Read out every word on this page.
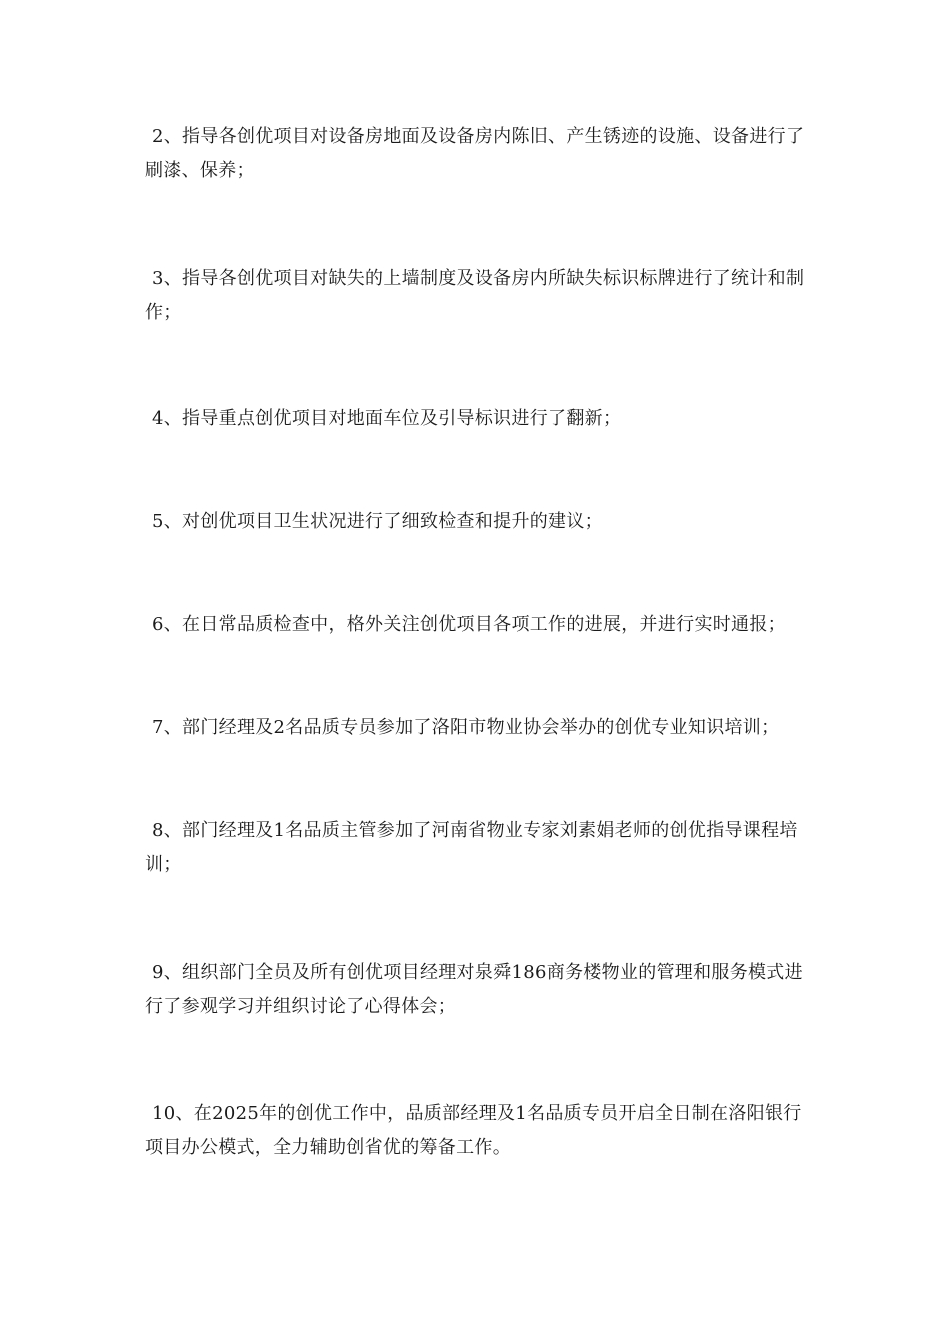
2、指导各创优项目对设备房地面及设备房内陈旧、产生锈迹的设施、设备进行了刷漆、保养；

3、指导各创优项目对缺失的上墙制度及设备房内所缺失标识标牌进行了统计和制作；

4、指导重点创优项目对地面车位及引导标识进行了翻新；

5、对创优项目卫生状况进行了细致检查和提升的建议；

6、在日常品质检查中，格外关注创优项目各项工作的进展，并进行实时通报；

7、部门经理及2名品质专员参加了洛阳市物业协会举办的创优专业知识培训；

8、部门经理及1名品质主管参加了河南省物业专家刘素娟老师的创优指导课程培训；

9、组织部门全员及所有创优项目经理对泉舜186商务楼物业的管理和服务模式进行了参观学习并组织讨论了心得体会；

10、在2025年的创优工作中，品质部经理及1名品质专员开启全日制在洛阳银行项目办公模式，全力辅助创省优的筹备工作。
